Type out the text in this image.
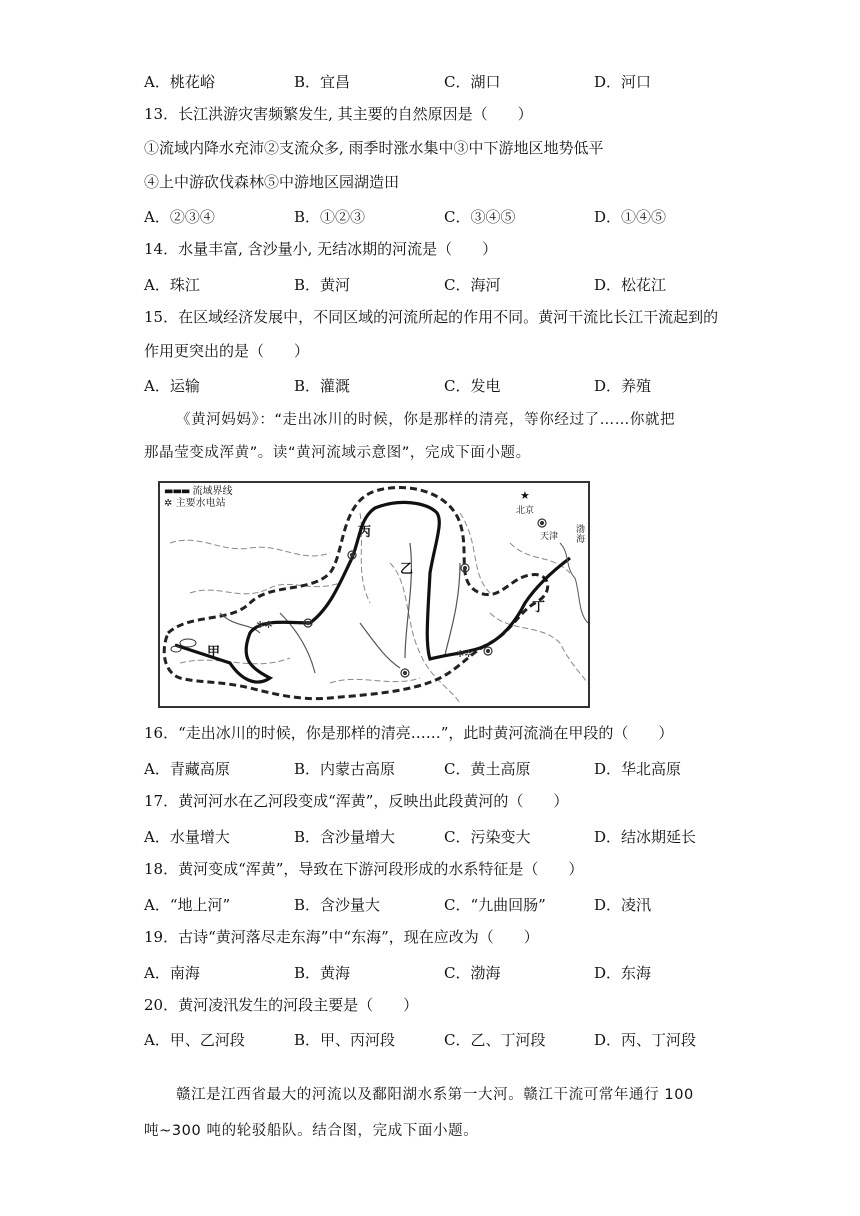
A．桃花峪	B．宜昌	C．湖口	D．河口
13．长江洪游灾害频繁发生, 其主要的自然原因是（　　）
①流域内降水充沛②支流众多, 雨季时涨水集中③中下游地区地势低平
④上中游砍伐森林⑤中游地区园湖造田
A．②③④	B．①②③	C．③④⑤	D．①④⑤
14．水量丰富, 含沙量小, 无结冰期的河流是（　　）
A．珠江	B．黄河	C．海河	D．松花江
15．在区域经济发展中，不同区域的河流所起的作用不同。黄河干流比长江干流起到的
作用更突出的是（　　）
A．运输	B．灌溉	C．发电	D．养殖
《黄河妈妈》：“走出冰川的时候，你是那样的清亮，等你经过了……你就把
那晶莹变成浑黄”。读“黄河流域示意图”，完成下面小题。
✲✲
✲✲
★
▬▬▬ 流域界线
✲ 主要水电站
甲
乙
丙
丁
北京
天津
渤海
16．“走出冰川的时候，你是那样的清亮……”，此时黄河流淌在甲段的（　　）
A．青藏高原	B．内蒙古高原	C．黄土高原	D．华北高原
17．黄河河水在乙河段变成“浑黄”，反映出此段黄河的（　　）
A．水量增大	B．含沙量增大	C．污染变大	D．结冰期延长
18．黄河变成“浑黄”，导致在下游河段形成的水系特征是（　　）
A．“地上河”	B．含沙量大	C．“九曲回肠”	D．凌汛
19．古诗“黄河落尽走东海”中“东海”，现在应改为（　　）
A．南海	B．黄海	C．渤海	D．东海
20．黄河凌汛发生的河段主要是（　　）
A．甲、乙河段	B．甲、丙河段	C．乙、丁河段	D．丙、丁河段
赣江是江西省最大的河流以及鄱阳湖水系第一大河。赣江干流可常年通行 100
吨~300 吨的轮驳船队。结合图，完成下面小题。
